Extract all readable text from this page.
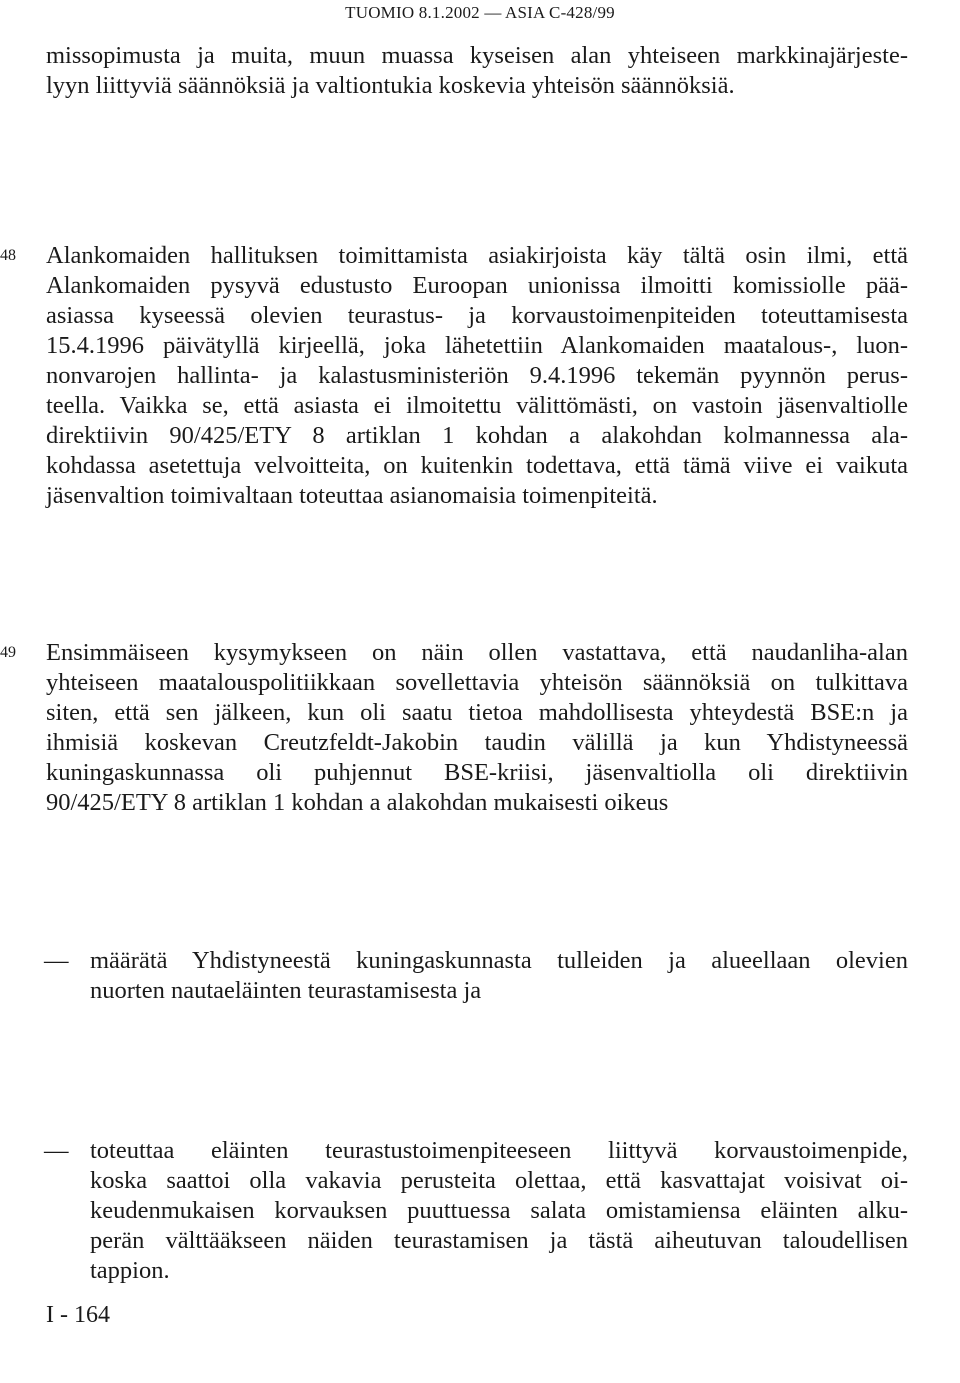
TUOMIO 8.1.2002 — ASIA C-428/99
missopimusta ja muita, muun muassa kyseisen alan yhteiseen markkinajärjeste-
lyyn liittyviä säännöksiä ja valtiontukia koskevia yhteisön säännöksiä.
48	Alankomaiden hallituksen toimittamista asiakirjoista käy tältä osin ilmi, että
Alankomaiden pysyvä edustusto Euroopan unionissa ilmoitti komissiolle pää-
asiassa kyseessä olevien teurastus- ja korvaustoimenpiteiden toteuttamisesta
15.4.1996 päivätyllä kirjeellä, joka lähetettiin Alankomaiden maatalous-, luon-
nonvarojen hallinta- ja kalastusministeriön 9.4.1996 tekemän pyynnön perus-
teella. Vaikka se, että asiasta ei ilmoitettu välittömästi, on vastoin jäsenvaltiolle
direktiivin 90/425/ETY 8 artiklan 1 kohdan a alakohdan kolmannessa ala-
kohdassa asetettuja velvoitteita, on kuitenkin todettava, että tämä viive ei vaikuta
jäsenvaltion toimivaltaan toteuttaa asianomaisia toimenpiteitä.
49	Ensimmäiseen kysymykseen on näin ollen vastattava, että naudanliha-alan
yhteiseen maatalouspolitiikkaan sovellettavia yhteisön säännöksiä on tulkittava
siten, että sen jälkeen, kun oli saatu tietoa mahdollisesta yhteydestä BSE:n ja
ihmisiä koskevan Creutzfeldt-Jakobin taudin välillä ja kun Yhdistyneessä
kuningaskunnassa oli puhjennut BSE-kriisi, jäsenvaltiolla oli direktiivin
90/425/ETY 8 artiklan 1 kohdan a alakohdan mukaisesti oikeus
— määrätä Yhdistyneestä kuningaskunnasta tulleiden ja alueellaan olevien
nuorten nautaeläinten teurastamisesta ja
— toteuttaa eläinten teurastustoimenpiteeseen liittyvä korvaustoimenpide,
koska saattoi olla vakavia perusteita olettaa, että kasvattajat voisivat oi-
keudenmukaisen korvauksen puuttuessa salata omistamiensa eläinten alku-
perän välttääkseen näiden teurastamisen ja tästä aiheutuvan taloudellisen
tappion.
I - 164
